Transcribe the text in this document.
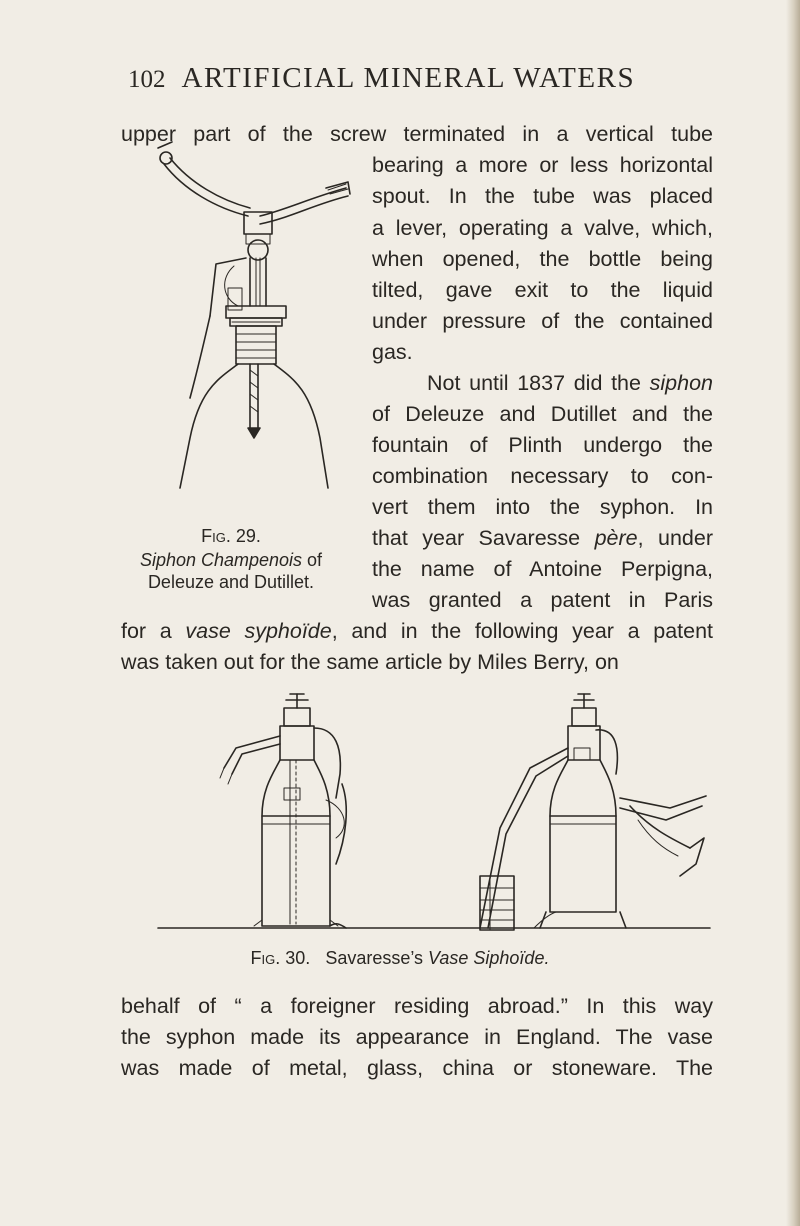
102 ARTIFICIAL MINERAL WATERS
upper part of the screw terminated in a vertical tube
bearing a more or less horizontal
spout. In the tube was placed
a lever, operating a valve, which,
when opened, the bottle being
tilted, gave exit to the liquid
under pressure of the contained
gas.
Not until 1837 did the siphon
of Deleuze and Dutillet and the
fountain of Plinth undergo the
combination necessary to con-
vert them into the syphon. In
that year Savaresse père, under
the name of Antoine Perpigna,
was granted a patent in Paris
for a vase syphoïde, and in the following year a patent
was taken out for the same article by Miles Berry, on
behalf of “ a foreigner residing abroad.” In this way
the syphon made its appearance in England. The vase
was made of metal, glass, china or stoneware. The
Fig. 29.
Siphon Champenois of
Deleuze and Dutillet.
Fig. 30. Savaresse’s Vase Siphoïde.
